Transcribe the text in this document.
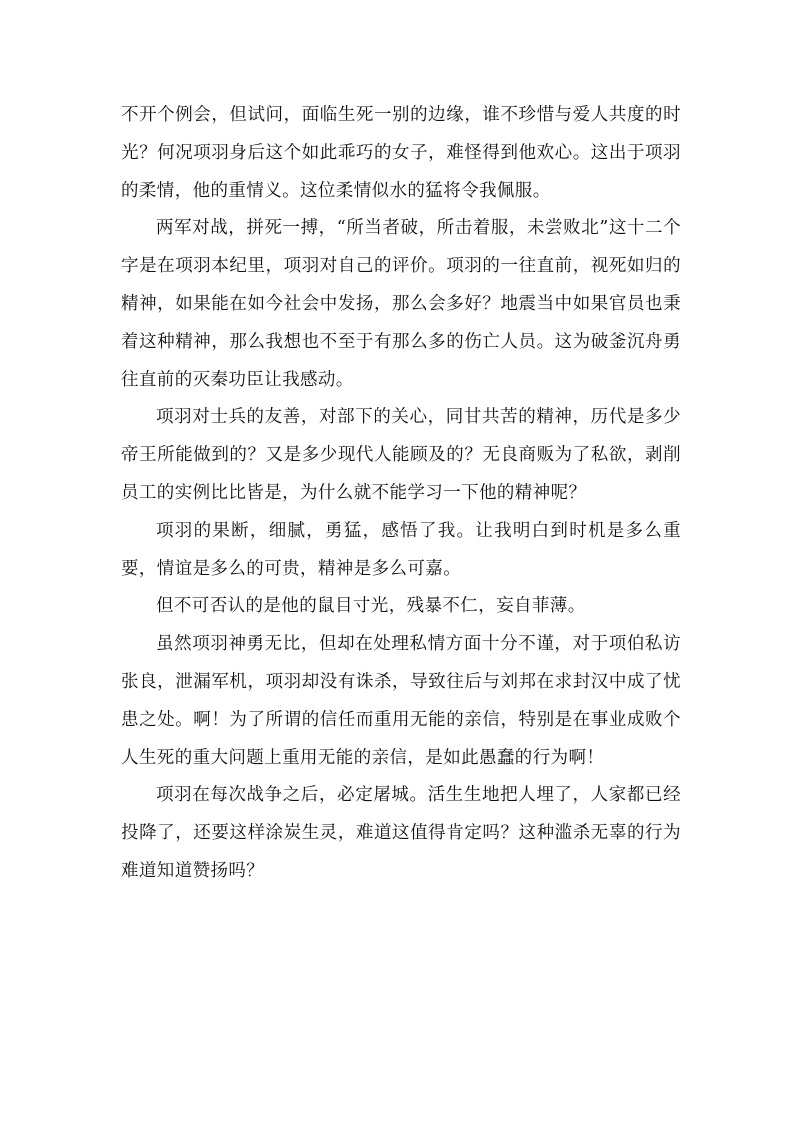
不开个例会，但试问，面临生死一别的边缘，谁不珍惜与爱人共度的时光？何况项羽身后这个如此乖巧的女子，难怪得到他欢心。这出于项羽的柔情，他的重情义。这位柔情似水的猛将令我佩服。

两军对战，拼死一搏，“所当者破，所击着服，未尝败北”这十二个字是在项羽本纪里，项羽对自己的评价。项羽的一往直前，视死如归的精神，如果能在如今社会中发扬，那么会多好？地震当中如果官员也秉着这种精神，那么我想也不至于有那么多的伤亡人员。这为破釜沉舟勇往直前的灭秦功臣让我感动。

项羽对士兵的友善，对部下的关心，同甘共苦的精神，历代是多少帝王所能做到的？又是多少现代人能顾及的？无良商贩为了私欲，剥削员工的实例比比皆是，为什么就不能学习一下他的精神呢？

项羽的果断，细腻，勇猛，感悟了我。让我明白到时机是多么重要，情谊是多么的可贵，精神是多么可嘉。

但不可否认的是他的鼠目寸光，残暴不仁，妄自菲薄。

虽然项羽神勇无比，但却在处理私情方面十分不谨，对于项伯私访张良，泄漏军机，项羽却没有诛杀，导致往后与刘邦在求封汉中成了忧患之处。啊！为了所谓的信任而重用无能的亲信，特别是在事业成败个人生死的重大问题上重用无能的亲信，是如此愚蠢的行为啊！

项羽在每次战争之后，必定屠城。活生生地把人埋了，人家都已经投降了，还要这样涂炭生灵，难道这值得肯定吗？这种滥杀无辜的行为难道知道赞扬吗？
